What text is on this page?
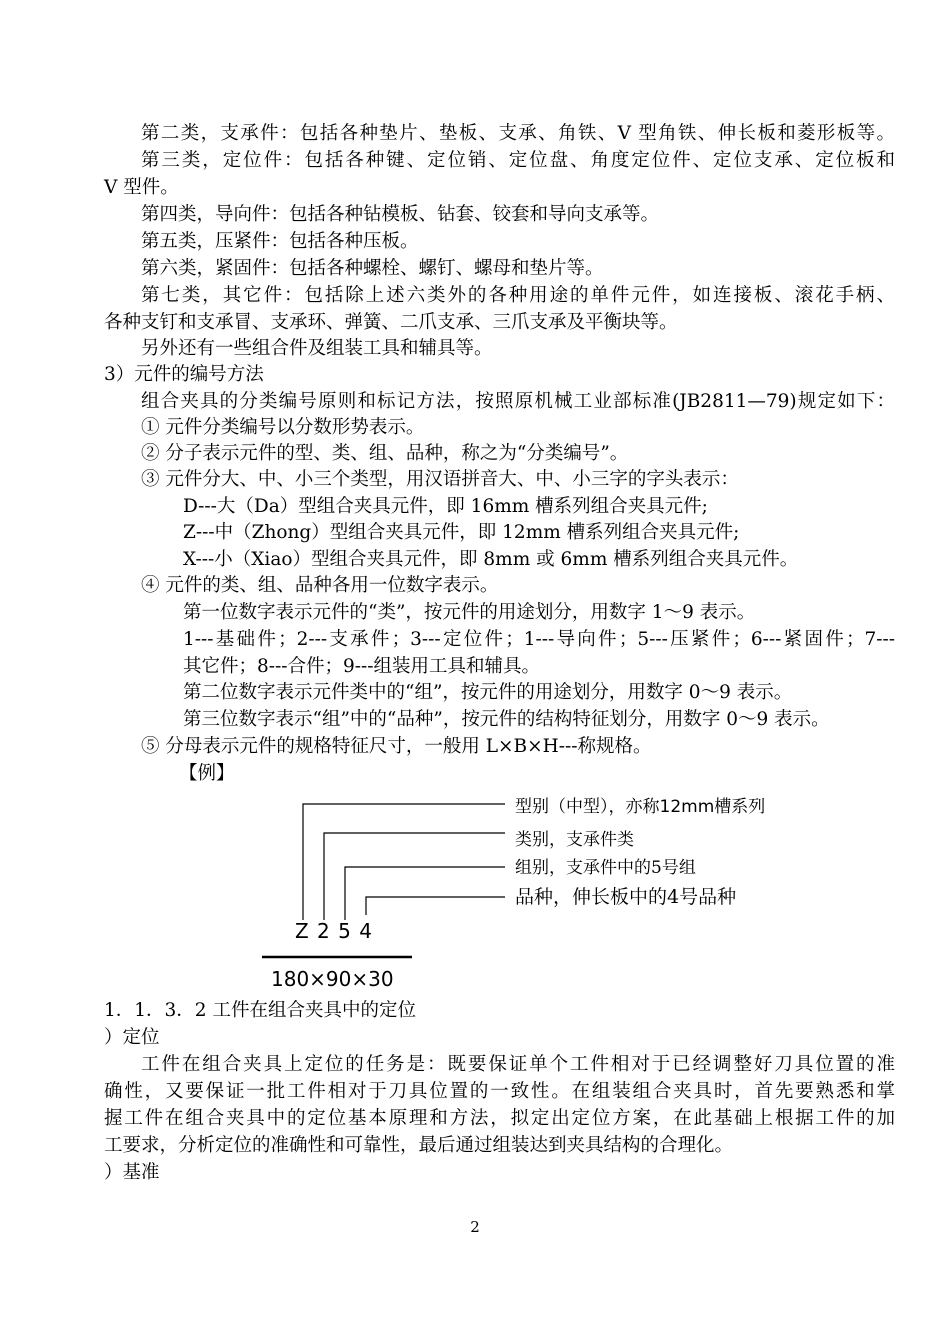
第二类，支承件：包括各种垫片、垫板、支承、角铁、V 型角铁、伸长板和菱形板等。
第三类，定位件：包括各种键、定位销、定位盘、角度定位件、定位支承、定位板和
V 型件。
第四类，导向件：包括各种钻模板、钻套、铰套和导向支承等。
第五类，压紧件：包括各种压板。
第六类，紧固件：包括各种螺栓、螺钉、螺母和垫片等。
第七类，其它件：包括除上述六类外的各种用途的单件元件，如连接板、滚花手柄、
各种支钉和支承冒、支承环、弹簧、二爪支承、三爪支承及平衡块等。
另外还有一些组合件及组装工具和辅具等。
3）元件的编号方法
组合夹具的分类编号原则和标记方法，按照原机械工业部标准(JB2811—79)规定如下：
① 元件分类编号以分数形势表示。
② 分子表示元件的型、类、组、品种，称之为“分类编号”。
③ 元件分大、中、小三个类型，用汉语拼音大、中、小三字的字头表示：
D---大（Da）型组合夹具元件，即 16mm 槽系列组合夹具元件;
Z---中（Zhong）型组合夹具元件，即 12mm 槽系列组合夹具元件;
X---小（Xiao）型组合夹具元件，即 8mm 或 6mm 槽系列组合夹具元件。
④ 元件的类、组、品种各用一位数字表示。
第一位数字表示元件的“类”，按元件的用途划分，用数字 1～9 表示。
1---基础件；2---支承件；3---定位件；1---导向件；5---压紧件；6---紧固件；7---
其它件；8---合件；9---组装用工具和辅具。
第二位数字表示元件类中的“组”，按元件的用途划分，用数字 0～9 表示。
第三位数字表示“组”中的“品种”，按元件的结构特征划分，用数字 0～9 表示。
⑤ 分母表示元件的规格特征尺寸，一般用 L×B×H---称规格。
【例】
型别（中型），亦称12mm槽系列
类别，支承件类
组别，支承件中的5号组
品种，伸长板中的4号品种
Z 2 5 4
180×90×30
1．1．3．2 工件在组合夹具中的定位
）定位
工件在组合夹具上定位的任务是：既要保证单个工件相对于已经调整好刀具位置的准
确性，又要保证一批工件相对于刀具位置的一致性。在组装组合夹具时，首先要熟悉和掌
握工件在组合夹具中的定位基本原理和方法，拟定出定位方案，在此基础上根据工件的加
工要求，分析定位的准确性和可靠性，最后通过组装达到夹具结构的合理化。
）基准
2
